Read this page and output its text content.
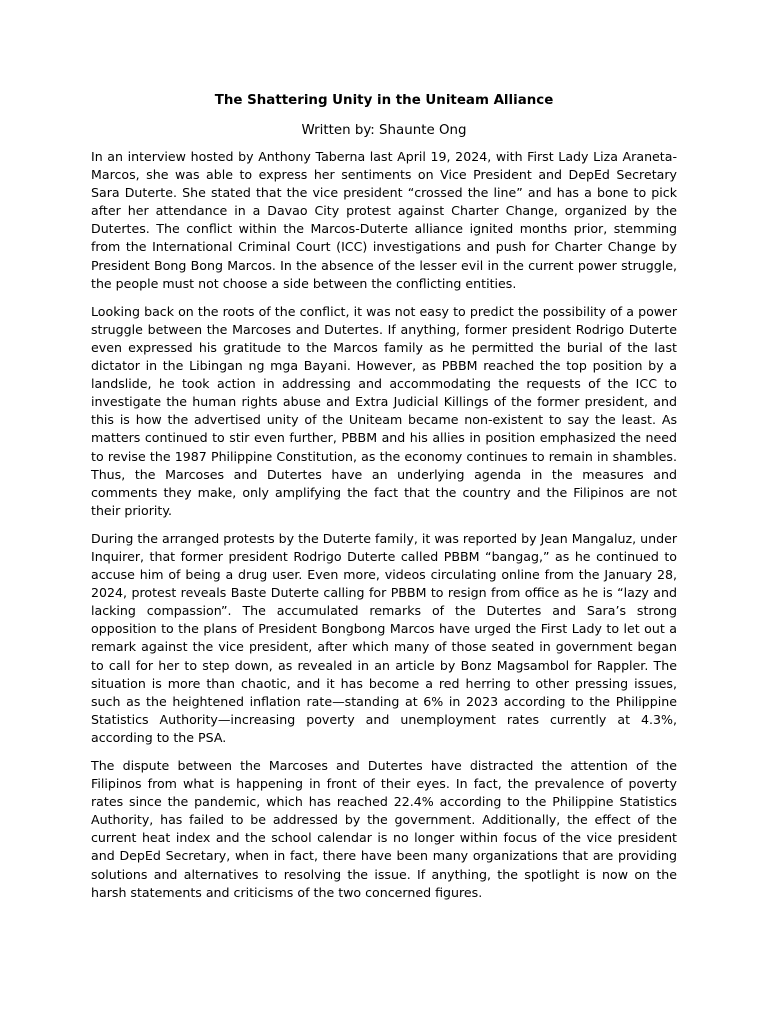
The Shattering Unity in the Uniteam Alliance

Written by: Shaunte Ong

In an interview hosted by Anthony Taberna last April 19, 2024, with First Lady Liza Araneta-Marcos, she was able to express her sentiments on Vice President and DepEd Secretary Sara Duterte. She stated that the vice president “crossed the line” and has a bone to pick after her attendance in a Davao City protest against Charter Change, organized by the Dutertes. The conflict within the Marcos-Duterte alliance ignited months prior, stemming from the International Criminal Court (ICC) investigations and push for Charter Change by President Bong Bong Marcos. In the absence of the lesser evil in the current power struggle, the people must not choose a side between the conflicting entities.

Looking back on the roots of the conflict, it was not easy to predict the possibility of a power struggle between the Marcoses and Dutertes. If anything, former president Rodrigo Duterte even expressed his gratitude to the Marcos family as he permitted the burial of the last dictator in the Libingan ng mga Bayani. However, as PBBM reached the top position by a landslide, he took action in addressing and accommodating the requests of the ICC to investigate the human rights abuse and Extra Judicial Killings of the former president, and this is how the advertised unity of the Uniteam became non-existent to say the least. As matters continued to stir even further, PBBM and his allies in position emphasized the need to revise the 1987 Philippine Constitution, as the economy continues to remain in shambles. Thus, the Marcoses and Dutertes have an underlying agenda in the measures and comments they make, only amplifying the fact that the country and the Filipinos are not their priority.

During the arranged protests by the Duterte family, it was reported by Jean Mangaluz, under Inquirer, that former president Rodrigo Duterte called PBBM “bangag,” as he continued to accuse him of being a drug user. Even more, videos circulating online from the January 28, 2024, protest reveals Baste Duterte calling for PBBM to resign from office as he is “lazy and lacking compassion”. The accumulated remarks of the Dutertes and Sara’s strong opposition to the plans of President Bongbong Marcos have urged the First Lady to let out a remark against the vice president, after which many of those seated in government began to call for her to step down, as revealed in an article by Bonz Magsambol for Rappler. The situation is more than chaotic, and it has become a red herring to other pressing issues, such as the heightened inflation rate—standing at 6% in 2023 according to the Philippine Statistics Authority—increasing poverty and unemployment rates currently at 4.3%, according to the PSA.

The dispute between the Marcoses and Dutertes have distracted the attention of the Filipinos from what is happening in front of their eyes. In fact, the prevalence of poverty rates since the pandemic, which has reached 22.4% according to the Philippine Statistics Authority, has failed to be addressed by the government. Additionally, the effect of the current heat index and the school calendar is no longer within focus of the vice president and DepEd Secretary, when in fact, there have been many organizations that are providing solutions and alternatives to resolving the issue. If anything, the spotlight is now on the harsh statements and criticisms of the two concerned figures.
